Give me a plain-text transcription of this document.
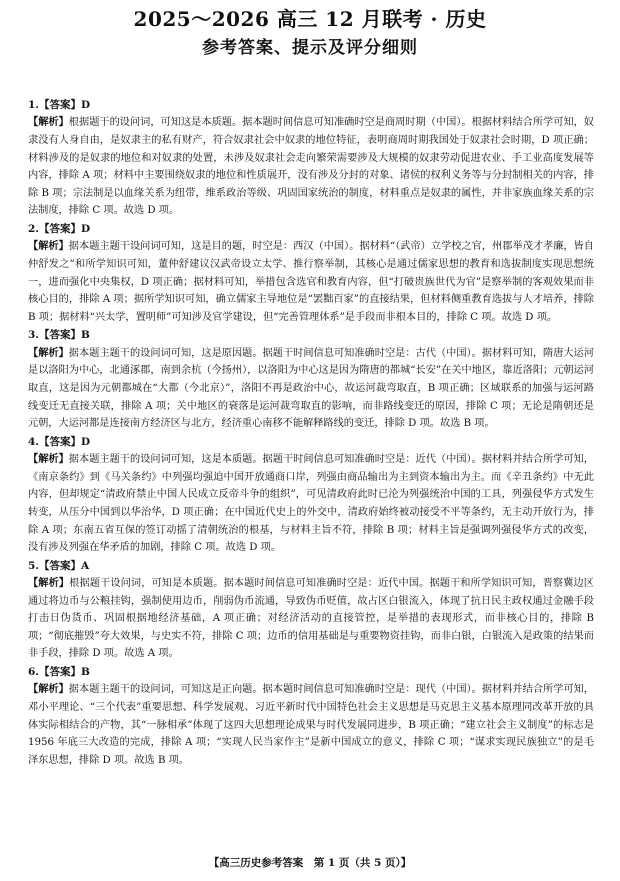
2025～2026 高三 12 月联考 · 历史
参考答案、提示及评分细则
1.【答案】D

【解析】根据题干的设问词，可知这是本质题。据本题时间信息可知准确时空是商周时期（中国）。根据材料结合所学可知，奴隶没有人身自由，是奴隶主的私有财产，符合奴隶社会中奴隶的地位特征，表明商周时期我国处于奴隶社会时期，D 项正确；材料涉及的是奴隶的地位和对奴隶的处置，未涉及奴隶社会走向繁荣需要涉及大规模的奴隶劳动促进农业、手工业高度发展等内容，排除 A 项；材料中主要围绕奴隶的地位和性质展开，没有涉及分封的对象、诸侯的权利义务等与分封制相关的内容，排除 B 项；宗法制是以血缘关系为纽带，维系政治等级、巩固国家统治的制度，材料重点是奴隶的属性，并非家族血缘关系的宗法制度，排除 C 项。故选 D 项。

2.【答案】D

【解析】据本题主题干设问词可知，这是目的题，时空是：西汉（中国）。据材料“（武帝）立学校之官，州郡举茂才孝廉，皆自仲舒发之”和所学知识可知，董仲舒建议汉武帝设立太学、推行察举制，其核心是通过儒家思想的教育和选拔制度实现思想统一，进而强化中央集权，D 项正确；据材料可知，举措包含选官和教育内容，但“打破贵族世代为官”是察举制的客观效果而非核心目的，排除 A 项；据所学知识可知，确立儒家主导地位是“罢黜百家”的直接结果，但材料侧重教育选拔与人才培养，排除 B 项；据材料“兴太学，置明师”可知涉及官学建设，但“完善管理体系”是手段而非根本目的，排除 C 项。故选 D 项。

3.【答案】B

【解析】据本题主题干的设问词可知，这是原因题。据题干时间信息可知准确时空是：古代（中国）。据材料可知，隋唐大运河是以洛阳为中心，北通涿郡，南到余杭（今扬州），以洛阳为中心这是因为隋唐的都城“长安”在关中地区，靠近洛阳；元朝运河取直，这是因为元朝都城在“大都（今北京）”，洛阳不再是政治中心，故运河裁弯取直，B 项正确；区域联系的加强与运河路线变迁无直接关联，排除 A 项；关中地区的衰落是运河裁弯取直的影响，而非路线变迁的原因，排除 C 项；无论是隋朝还是元朝，大运河都是连接南方经济区与北方，经济重心南移不能解释路线的变迁，排除 D 项。故选 B 项。

4.【答案】D

【解析】据本题主题干的设问词可知，这是本质题。据题干时间信息可知准确时空是：近代（中国）。据材料并结合所学可知，《南京条约》到《马关条约》中列强均强迫中国开放通商口岸，列强由商品输出为主到资本输出为主。而《辛丑条约》中无此内容，但却规定“清政府禁止中国人民成立反帝斗争的组织”，可见清政府此时已沦为列强统治中国的工具，列强侵华方式发生转变，从压分中国到以华治华，D 项正确；在中国近代史上的外交中，清政府始终被动接受不平等条约，无主动开放行为，排除 A 项；东南五省互保的签订动摇了清朝统治的根基，与材料主旨不符，排除 B 项；材料主旨是强调列强侵华方式的改变，没有涉及列强在华矛盾的加剧，排除 C 项。故选 D 项。

5.【答案】A

【解析】根据题干设问词，可知是本质题。据本题时间信息可知准确时空是：近代中国。据题干和所学知识可知，晋察冀边区通过将边币与公粮挂钩，强制使用边币，削弱伪币流通，导致伪币贬值，故占区白银流入，体现了抗日民主政权通过金融手段打击日伪货币、巩固根据地经济基础，A 项正确；对经济活动的直接管控，是举措的表现形式，而非核心目的，排除 B 项；“彻底摧毁”夸大效果，与史实不符，排除 C 项；边币的信用基础是与重要物资挂钩，而非白银，白银流入是政策的结果而非手段，排除 D 项。故选 A 项。

6.【答案】B

【解析】据本题主题干的设问词，可知这是正向题。据本题时间信息可知准确时空是：现代（中国）。据材料并结合所学可知，邓小平理论、“三个代表”重要思想、科学发展观、习近平新时代中国特色社会主义思想是马克思主义基本原理同改革开放的具体实际相结合的产物，其“一脉相承”体现了这四大思想理论成果与时代发展同进步，B 项正确；“建立社会主义制度”的标志是 1956 年底三大改造的完成，排除 A 项；“实现人民当家作主”是新中国成立的意义，排除 C 项；“谋求实现民族独立”的是毛泽东思想，排除 D 项。故选 B 项。

【高三历史参考答案　第 1 页（共 5 页）】
